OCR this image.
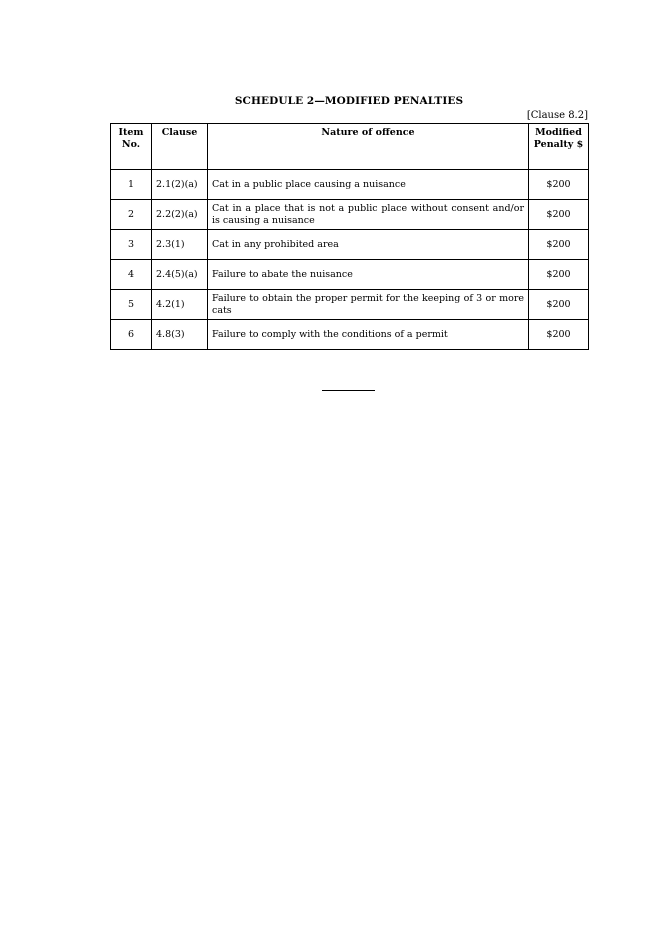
SCHEDULE 2—MODIFIED PENALTIES
[Clause 8.2]
Item No.	Clause	Nature of offence	Modified Penalty $
1	2.1(2)(a)	Cat in a public place causing a nuisance	$200
2	2.2(2)(a)	Cat in a place that is not a public place without consent and/or is causing a nuisance	$200
3	2.3(1)	Cat in any prohibited area	$200
4	2.4(5)(a)	Failure to abate the nuisance	$200
5	4.2(1)	Failure to obtain the proper permit for the keeping of 3 or more cats	$200
6	4.8(3)	Failure to comply with the conditions of a permit	$200
